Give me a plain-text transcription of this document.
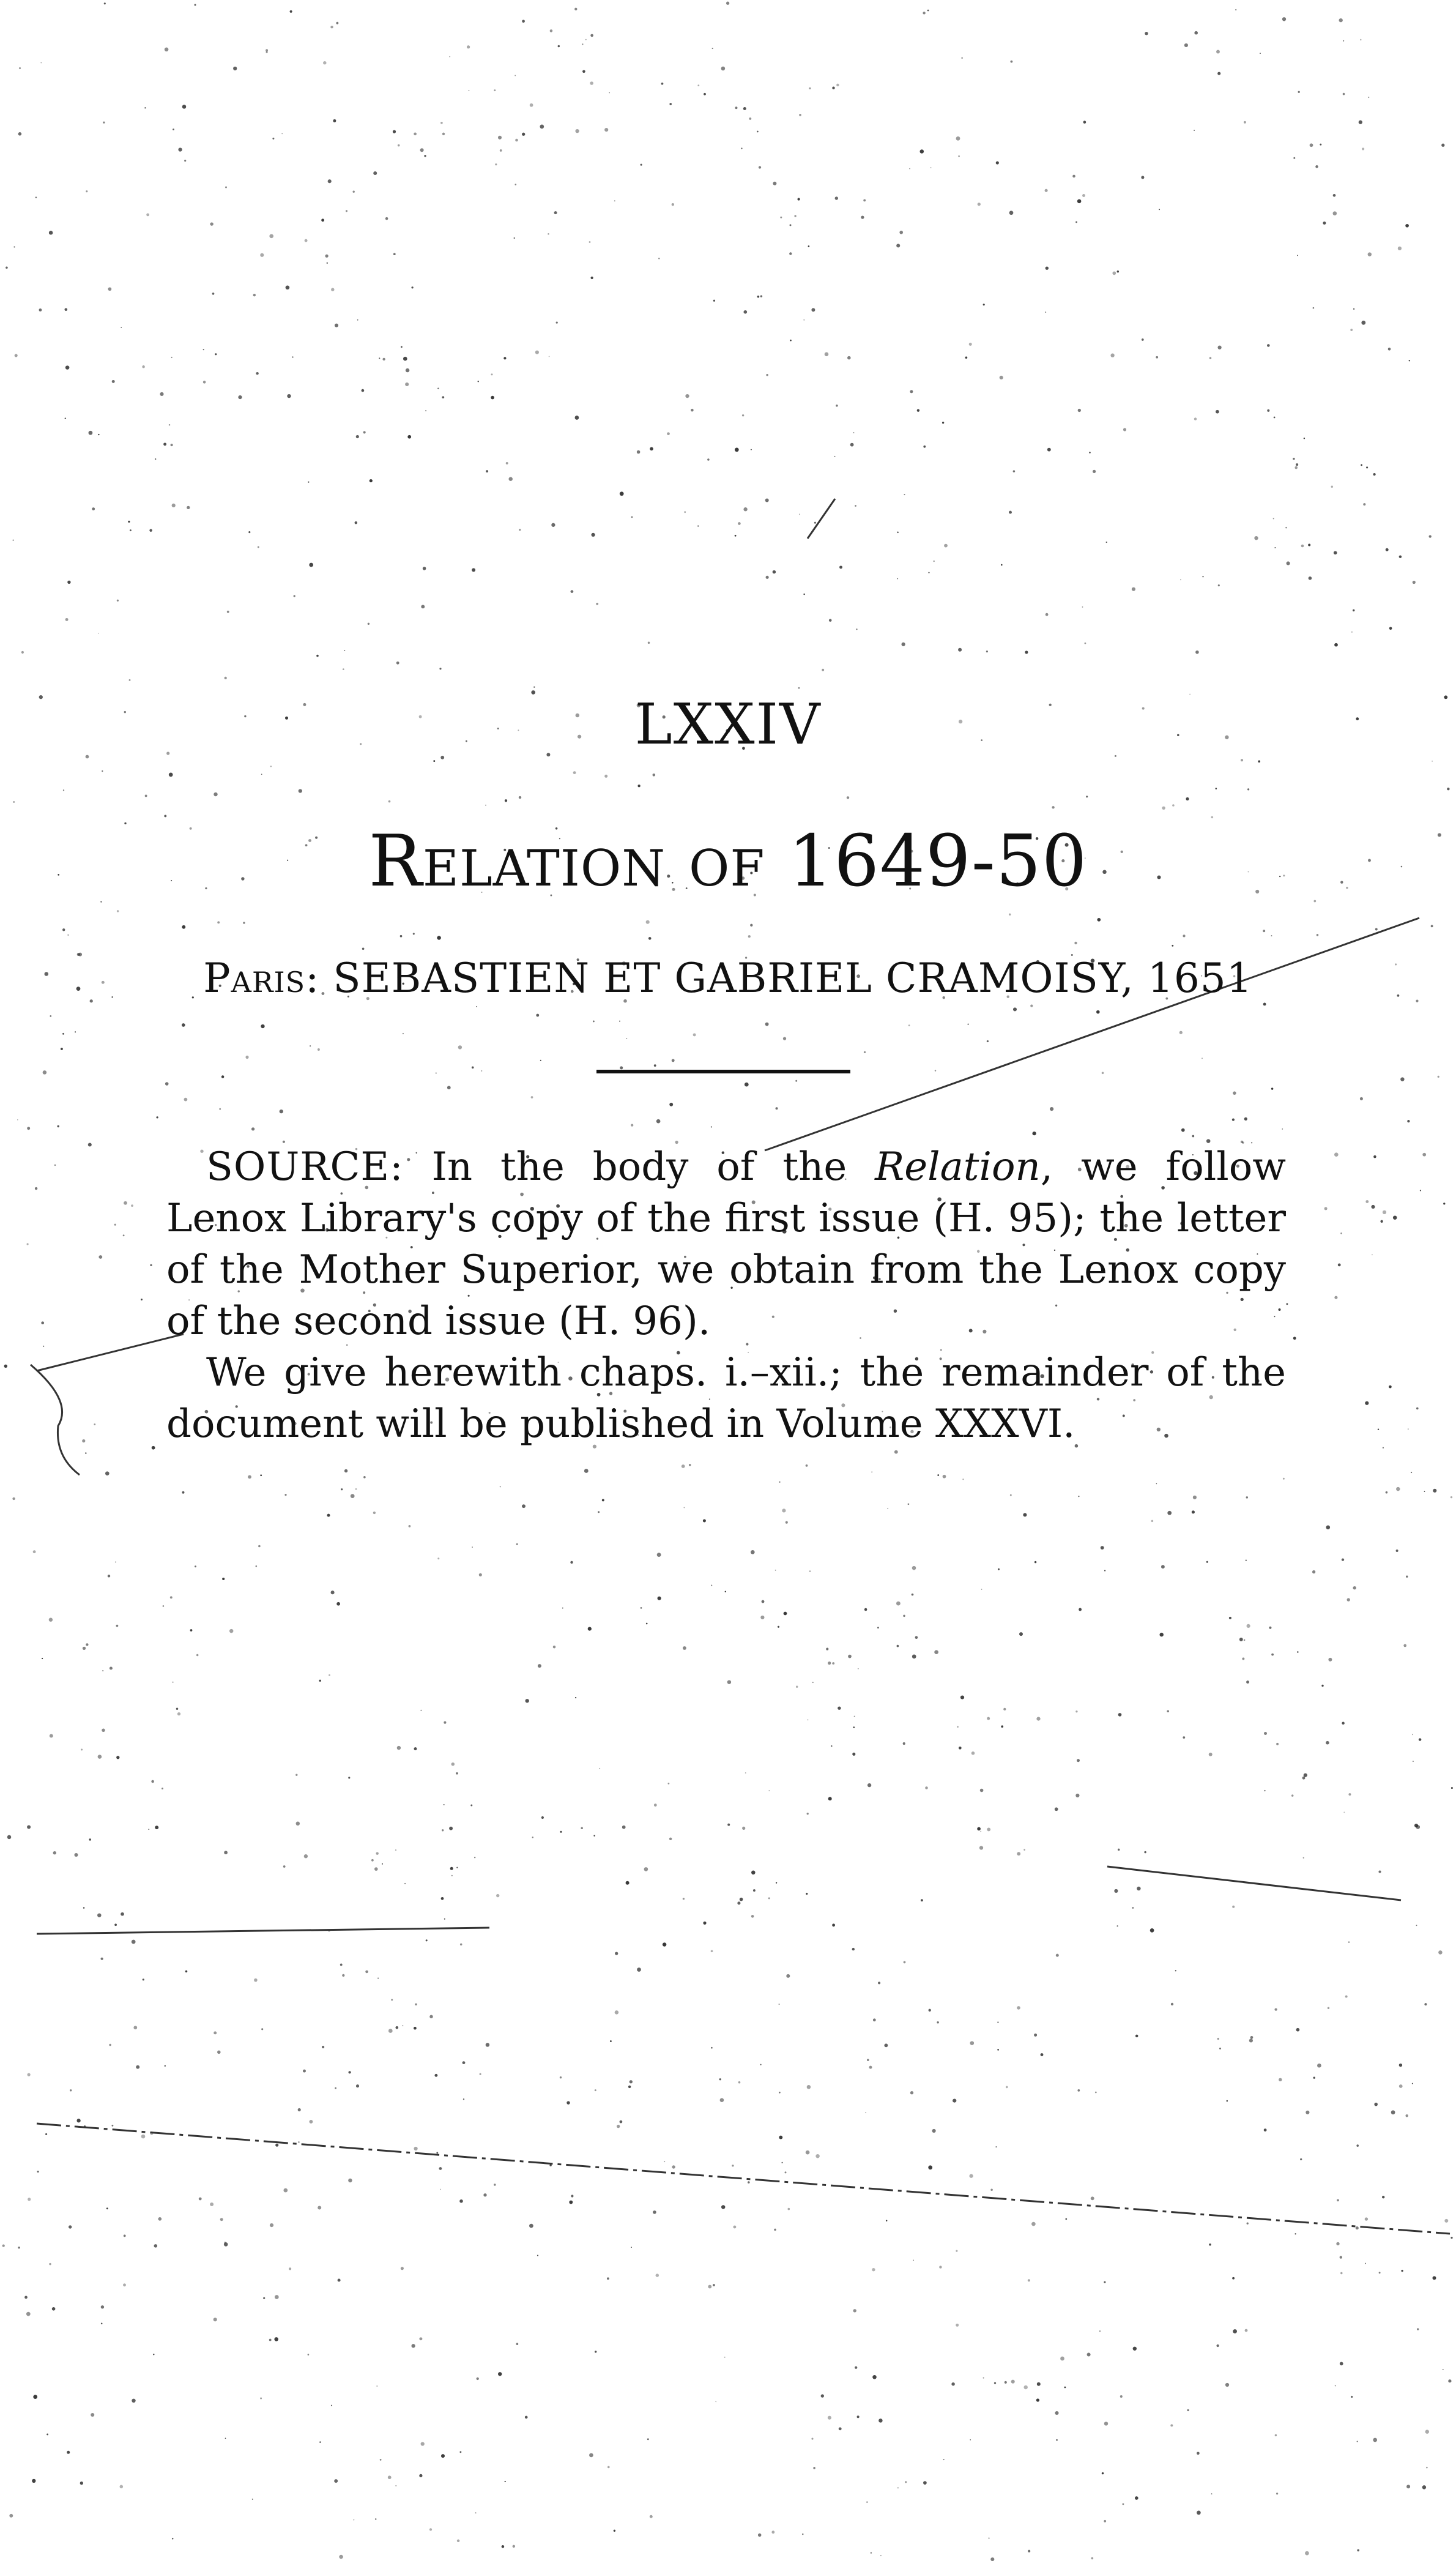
LXXIV
Relation of 1649-50
Paris: SEBASTIEN ET GABRIEL CRAMOISY, 1651

SOURCE: In the body of the Relation, we follow Lenox Library's copy of the first issue (H. 95); the letter of the Mother Superior, we obtain from the Lenox copy of the second issue (H. 96).

We give herewith chaps. i.–xii.; the remainder of the document will be published in Volume XXXVI.
